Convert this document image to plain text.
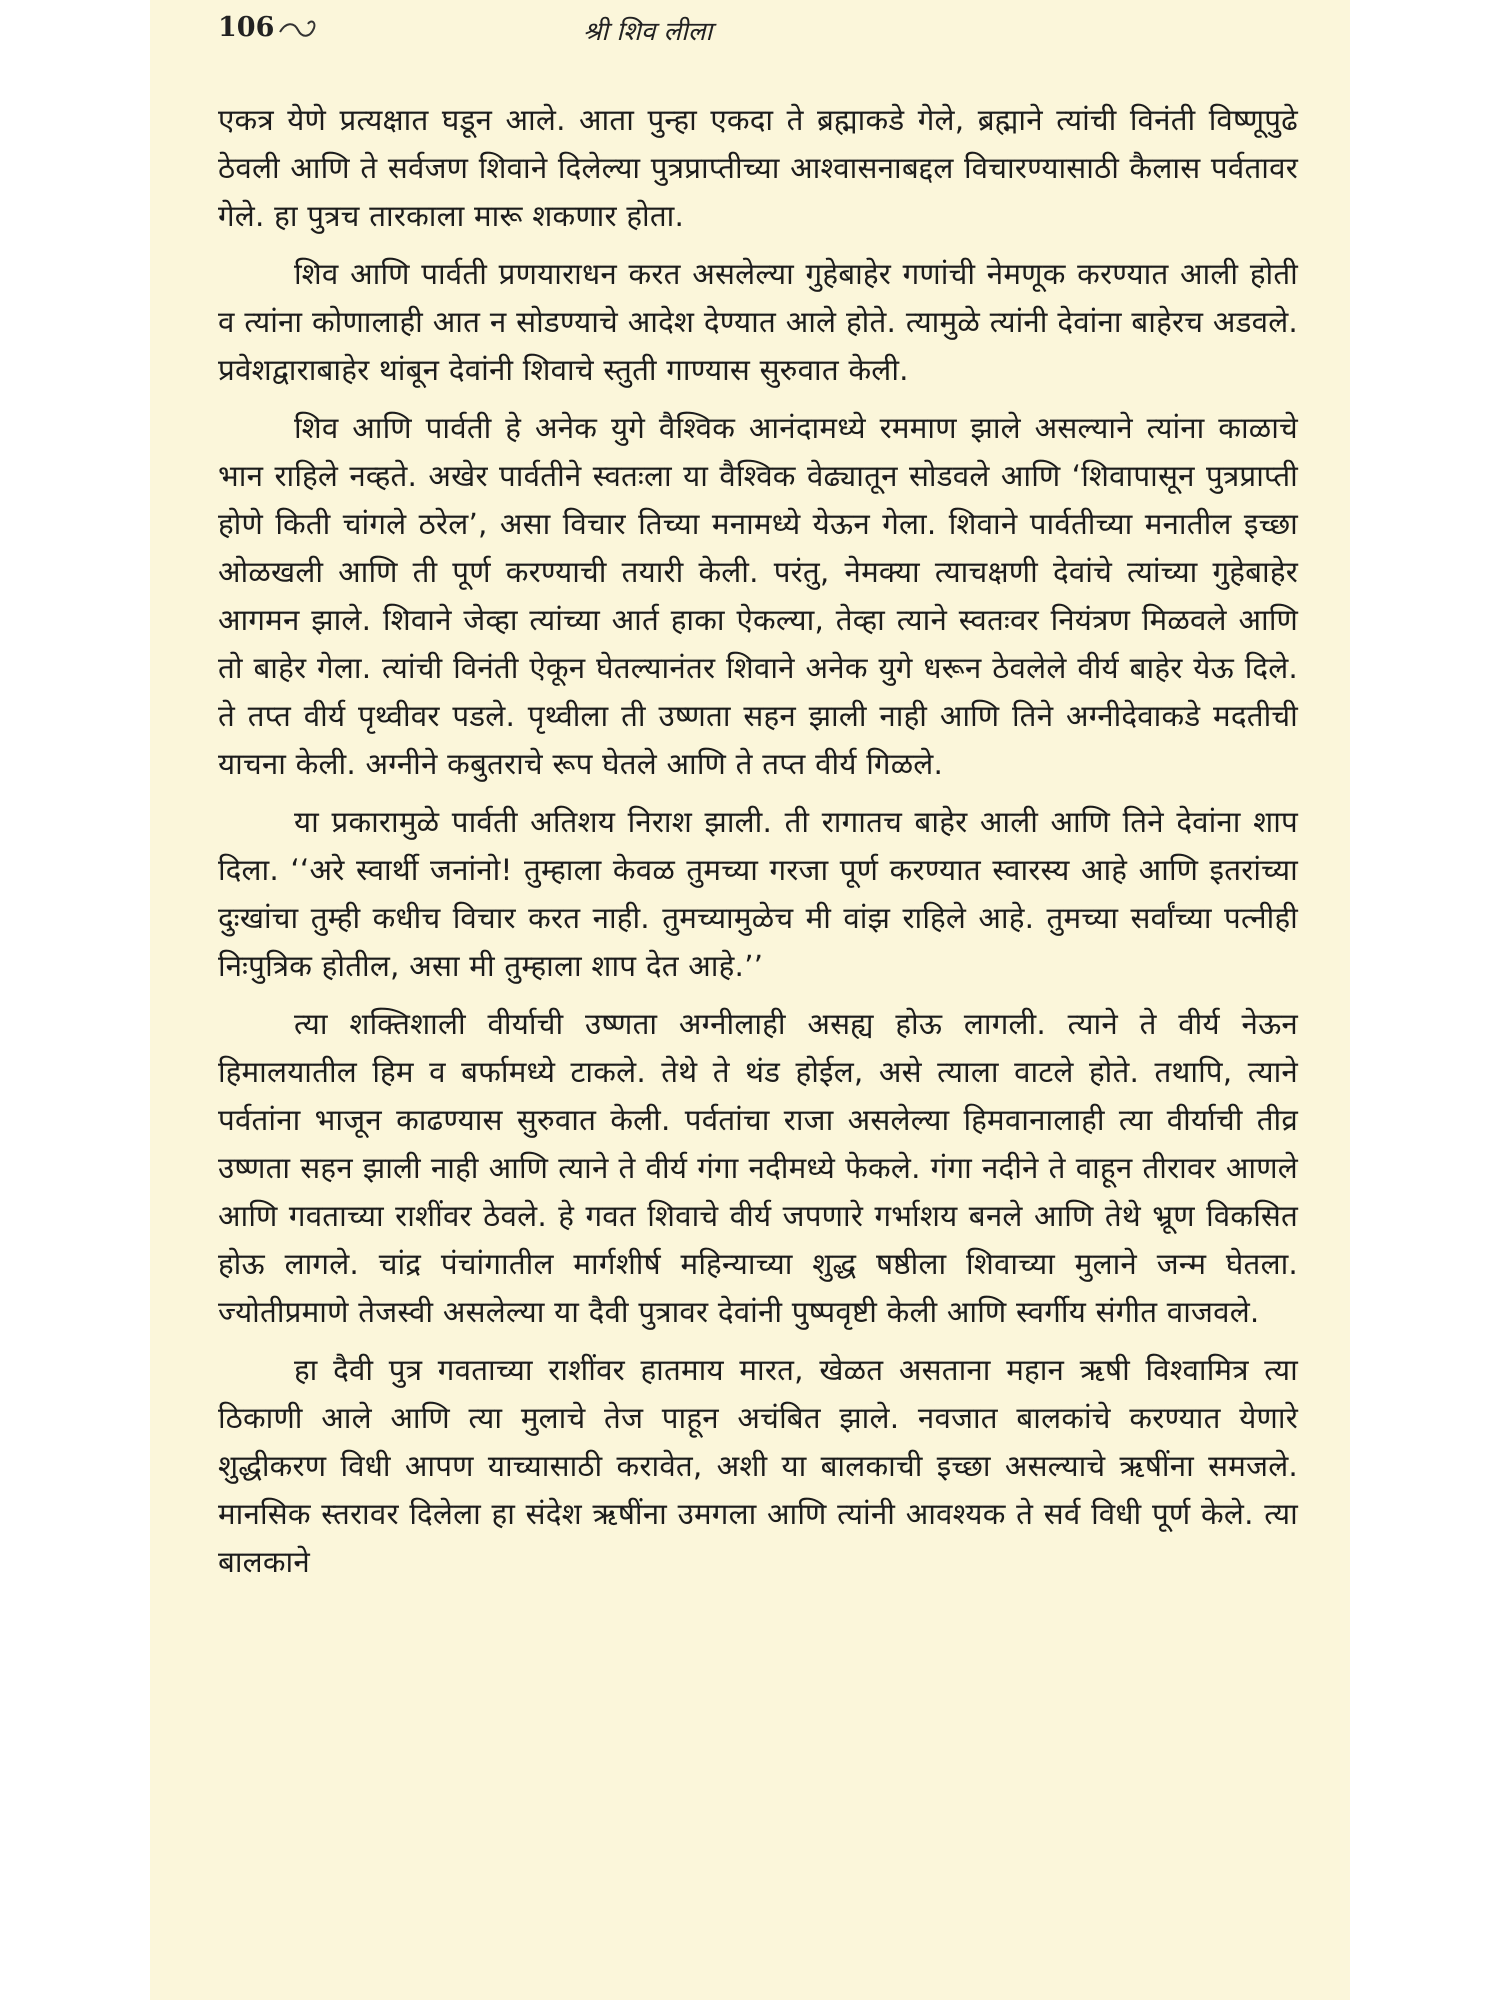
106	श्री शिव लीला

एकत्र येणे प्रत्यक्षात घडून आले. आता पुन्हा एकदा ते ब्रह्माकडे गेले, ब्रह्माने त्यांची विनंती विष्णूपुढे ठेवली आणि ते सर्वजण शिवाने दिलेल्या पुत्रप्राप्तीच्या आश्वासनाबद्दल विचारण्यासाठी कैलास पर्वतावर गेले. हा पुत्रच तारकाला मारू शकणार होता.

शिव आणि पार्वती प्रणयाराधन करत असलेल्या गुहेबाहेर गणांची नेमणूक करण्यात आली होती व त्यांना कोणालाही आत न सोडण्याचे आदेश देण्यात आले होते. त्यामुळे त्यांनी देवांना बाहेरच अडवले. प्रवेशद्वाराबाहेर थांबून देवांनी शिवाचे स्तुती गाण्यास सुरुवात केली.

शिव आणि पार्वती हे अनेक युगे वैश्विक आनंदामध्ये रममाण झाले असल्याने त्यांना काळाचे भान राहिले नव्हते. अखेर पार्वतीने स्वतःला या वैश्विक वेढ्यातून सोडवले आणि ‘शिवापासून पुत्रप्राप्ती होणे किती चांगले ठरेल’, असा विचार तिच्या मनामध्ये येऊन गेला. शिवाने पार्वतीच्या मनातील इच्छा ओळखली आणि ती पूर्ण करण्याची तयारी केली. परंतु, नेमक्या त्याचक्षणी देवांचे त्यांच्या गुहेबाहेर आगमन झाले. शिवाने जेव्हा त्यांच्या आर्त हाका ऐकल्या, तेव्हा त्याने स्वतःवर नियंत्रण मिळवले आणि तो बाहेर गेला. त्यांची विनंती ऐकून घेतल्यानंतर शिवाने अनेक युगे धरून ठेवलेले वीर्य बाहेर येऊ दिले. ते तप्त वीर्य पृथ्वीवर पडले. पृथ्वीला ती उष्णता सहन झाली नाही आणि तिने अग्नीदेवाकडे मदतीची याचना केली. अग्नीने कबुतराचे रूप घेतले आणि ते तप्त वीर्य गिळले.

या प्रकारामुळे पार्वती अतिशय निराश झाली. ती रागातच बाहेर आली आणि तिने देवांना शाप दिला. ‘‘अरे स्वार्थी जनांनो! तुम्हाला केवळ तुमच्या गरजा पूर्ण करण्यात स्वारस्य आहे आणि इतरांच्या दुःखांचा तुम्ही कधीच विचार करत नाही. तुमच्यामुळेच मी वांझ राहिले आहे. तुमच्या सर्वांच्या पत्नीही निःपुत्रिक होतील, असा मी तुम्हाला शाप देत आहे.’’

त्या शक्तिशाली वीर्याची उष्णता अग्नीलाही असह्य होऊ लागली. त्याने ते वीर्य नेऊन हिमालयातील हिम व बर्फामध्ये टाकले. तेथे ते थंड होईल, असे त्याला वाटले होते. तथापि, त्याने पर्वतांना भाजून काढण्यास सुरुवात केली. पर्वतांचा राजा असलेल्या हिमवानालाही त्या वीर्याची तीव्र उष्णता सहन झाली नाही आणि त्याने ते वीर्य गंगा नदीमध्ये फेकले. गंगा नदीने ते वाहून तीरावर आणले आणि गवताच्या राशींवर ठेवले. हे गवत शिवाचे वीर्य जपणारे गर्भाशय बनले आणि तेथे भ्रूण विकसित होऊ लागले. चांद्र पंचांगातील मार्गशीर्ष महिन्याच्या शुद्ध षष्ठीला शिवाच्या मुलाने जन्म घेतला. ज्योतीप्रमाणे तेजस्वी असलेल्या या दैवी पुत्रावर देवांनी पुष्पवृष्टी केली आणि स्वर्गीय संगीत वाजवले.

हा दैवी पुत्र गवताच्या राशींवर हातमाय मारत, खेळत असताना महान ऋषी विश्वामित्र त्या ठिकाणी आले आणि त्या मुलाचे तेज पाहून अचंबित झाले. नवजात बालकांचे करण्यात येणारे शुद्धीकरण विधी आपण याच्यासाठी करावेत, अशी या बालकाची इच्छा असल्याचे ऋषींना समजले. मानसिक स्तरावर दिलेला हा संदेश ऋषींना उमगला आणि त्यांनी आवश्यक ते सर्व विधी पूर्ण केले. त्या बालकाने
